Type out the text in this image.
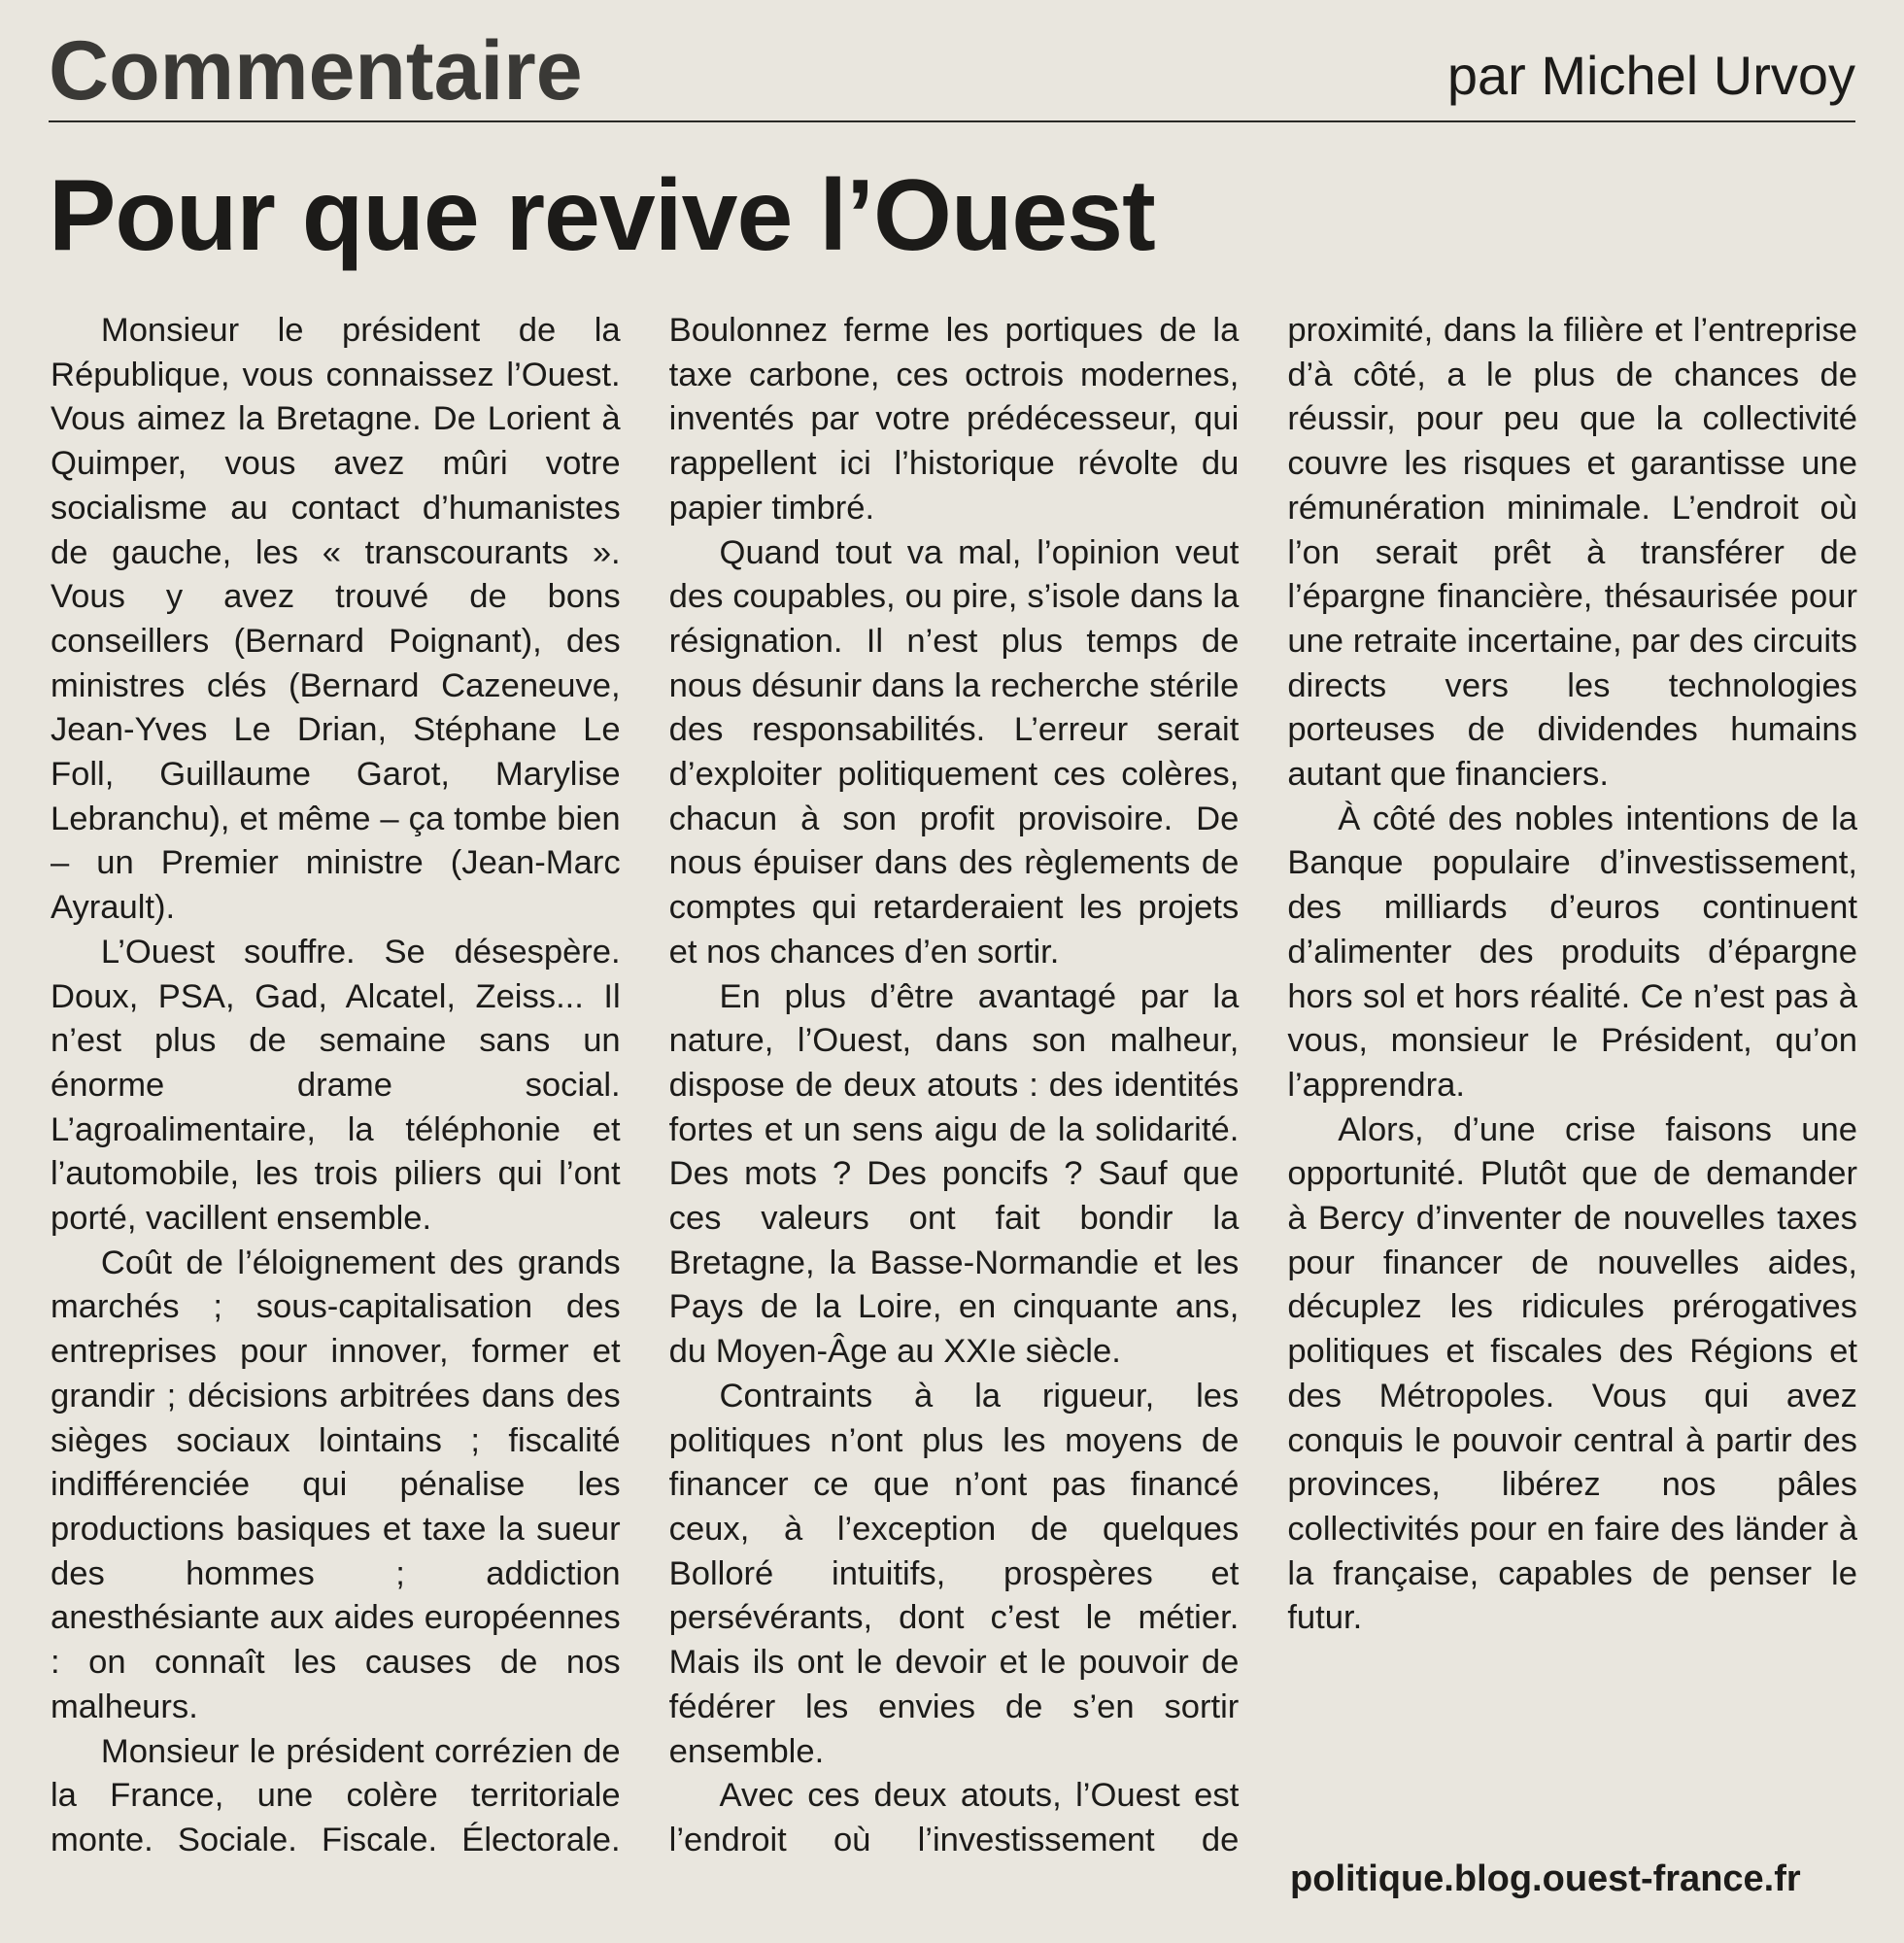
Commentaire	par Michel Urvoy
Pour que revive l’Ouest

Monsieur le président de la République, vous connaissez l’Ouest. Vous aimez la Bretagne. De Lorient à Quimper, vous avez mûri votre socialisme au contact d’humanistes de gauche, les « transcourants ». Vous y avez trouvé de bons conseillers (Bernard Poignant), des ministres clés (Bernard Cazeneuve, Jean-Yves Le Drian, Stéphane Le Foll, Guillaume Garot, Marylise Lebranchu), et même – ça tombe bien – un Premier ministre (Jean-Marc Ayrault).

L’Ouest souffre. Se désespère. Doux, PSA, Gad, Alcatel, Zeiss... Il n’est plus de semaine sans un énorme drame social. L’agroalimentaire, la téléphonie et l’automobile, les trois piliers qui l’ont porté, vacillent ensemble.

Coût de l’éloignement des grands marchés ; sous-capitalisation des entreprises pour innover, former et grandir ; décisions arbitrées dans des sièges sociaux lointains ; fiscalité indifférenciée qui pénalise les productions basiques et taxe la sueur des hommes ; addiction anesthésiante aux aides européennes : on connaît les causes de nos malheurs.

Monsieur le président corrézien de la France, une colère territoriale monte. Sociale. Fiscale. Électorale. Boulonnez ferme les portiques de la taxe carbone, ces octrois modernes, inventés par votre prédécesseur, qui rappellent ici l’historique révolte du papier timbré.

Quand tout va mal, l’opinion veut des coupables, ou pire, s’isole dans la résignation. Il n’est plus temps de nous désunir dans la recherche stérile des responsabilités. L’erreur serait d’exploiter politiquement ces colères, chacun à son profit provisoire. De nous épuiser dans des règlements de comptes qui retarderaient les projets et nos chances d’en sortir.

En plus d’être avantagé par la nature, l’Ouest, dans son malheur, dispose de deux atouts : des identités fortes et un sens aigu de la solidarité. Des mots ? Des poncifs ? Sauf que ces valeurs ont fait bondir la Bretagne, la Basse-Normandie et les Pays de la Loire, en cinquante ans, du Moyen-Âge au XXIe siècle.

Contraints à la rigueur, les politiques n’ont plus les moyens de financer ce que n’ont pas financé ceux, à l’exception de quelques Bolloré intuitifs, prospères et persévérants, dont c’est le métier. Mais ils ont le devoir et le pouvoir de fédérer les envies de s’en sortir ensemble.

Avec ces deux atouts, l’Ouest est l’endroit où l’investissement de proximité, dans la filière et l’entreprise d’à côté, a le plus de chances de réussir, pour peu que la collectivité couvre les risques et garantisse une rémunération minimale. L’endroit où l’on serait prêt à transférer de l’épargne financière, thésaurisée pour une retraite incertaine, par des circuits directs vers les technologies porteuses de dividendes humains autant que financiers.

À côté des nobles intentions de la Banque populaire d’investissement, des milliards d’euros continuent d’alimenter des produits d’épargne hors sol et hors réalité. Ce n’est pas à vous, monsieur le Président, qu’on l’apprendra.

Alors, d’une crise faisons une opportunité. Plutôt que de demander à Bercy d’inventer de nouvelles taxes pour financer de nouvelles aides, décuplez les ridicules prérogatives politiques et fiscales des Régions et des Métropoles. Vous qui avez conquis le pouvoir central à partir des provinces, libérez nos pâles collectivités pour en faire des länder à la française, capables de penser le futur.

politique.blog.ouest-france.fr
